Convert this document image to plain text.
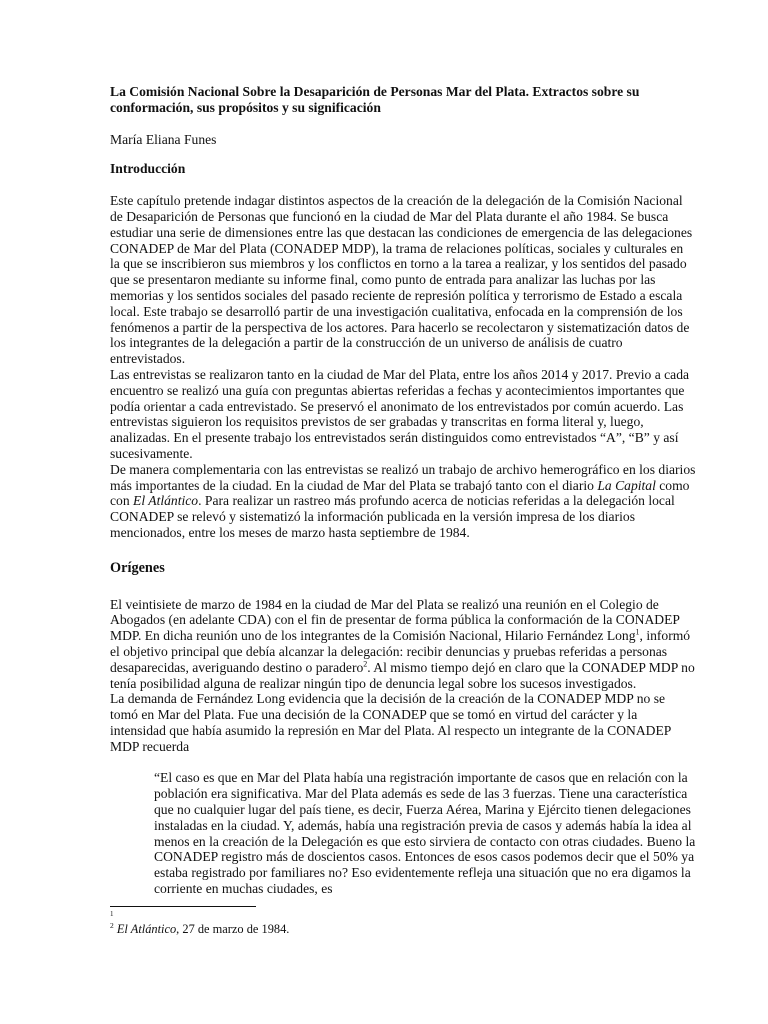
La Comisión Nacional Sobre la Desaparición de Personas Mar del Plata. Extractos sobre su conformación, sus propósitos y su significación

María Eliana Funes

Introducción

Este capítulo pretende indagar distintos aspectos de la creación de la delegación de la Comisión Nacional de Desaparición de Personas que funcionó en la ciudad de Mar del Plata durante el año 1984. Se busca estudiar una serie de dimensiones entre las que destacan las condiciones de emergencia de las delegaciones CONADEP de Mar del Plata (CONADEP MDP), la trama de relaciones políticas, sociales y culturales en la que se inscribieron sus miembros y los conflictos en torno a la tarea a realizar, y los sentidos del pasado que se presentaron mediante su informe final, como punto de entrada para analizar las luchas por las memorias y los sentidos sociales del pasado reciente de represión política y terrorismo de Estado a escala local. Este trabajo se desarrolló partir de una investigación cualitativa, enfocada en la comprensión de los fenómenos a partir de la perspectiva de los actores. Para hacerlo se recolectaron y sistematización datos de los integrantes de la delegación a partir de la construcción de un universo de análisis de cuatro entrevistados.

Las entrevistas se realizaron tanto en la ciudad de Mar del Plata, entre los años 2014 y 2017. Previo a cada encuentro se realizó una guía con preguntas abiertas referidas a fechas y acontecimientos importantes que podía orientar a cada entrevistado. Se preservó el anonimato de los entrevistados por común acuerdo. Las entrevistas siguieron los requisitos previstos de ser grabadas y transcritas en forma literal y, luego, analizadas. En el presente trabajo los entrevistados serán distinguidos como entrevistados “A”, “B” y así sucesivamente.

De manera complementaria con las entrevistas se realizó un trabajo de archivo hemerográfico en los diarios más importantes de la ciudad. En la ciudad de Mar del Plata se trabajó tanto con el diario La Capital como con El Atlántico. Para realizar un rastreo más profundo acerca de noticias referidas a la delegación local CONADEP se relevó y sistematizó la información publicada en la versión impresa de los diarios mencionados, entre los meses de marzo hasta septiembre de 1984.

Orígenes

El veintisiete de marzo de 1984 en la ciudad de Mar del Plata se realizó una reunión en el Colegio de Abogados (en adelante CDA) con el fin de presentar de forma pública la conformación de la CONADEP MDP. En dicha reunión uno de los integrantes de la Comisión Nacional, Hilario Fernández Long$^1$, informó el objetivo principal que debía alcanzar la delegación: recibir denuncias y pruebas referidas a personas desaparecidas, averiguando destino o paradero$^2$. Al mismo tiempo dejó en claro que la CONADEP MDP no tenía posibilidad alguna de realizar ningún tipo de denuncia legal sobre los sucesos investigados.

La demanda de Fernández Long evidencia que la decisión de la creación de la CONADEP MDP no se tomó en Mar del Plata. Fue una decisión de la CONADEP que se tomó en virtud del carácter y la intensidad que había asumido la represión en Mar del Plata. Al respecto un integrante de la CONADEP MDP recuerda

“El caso es que en Mar del Plata había una registración importante de casos que en relación con la población era significativa. Mar del Plata además es sede de las 3 fuerzas. Tiene una característica que no cualquier lugar del país tiene, es decir, Fuerza Aérea, Marina y Ejército tienen delegaciones instaladas en la ciudad. Y, además, había una registración previa de casos y además había la idea al menos en la creación de la Delegación es que esto sirviera de contacto con otras ciudades. Bueno la CONADEP registro más de doscientos casos. Entonces de esos casos podemos decir que el 50% ya estaba registrado por familiares no? Eso evidentemente refleja una situación que no era digamos la corriente en muchas ciudades, es

1
$^2$ El Atlántico, 27 de marzo de 1984.
